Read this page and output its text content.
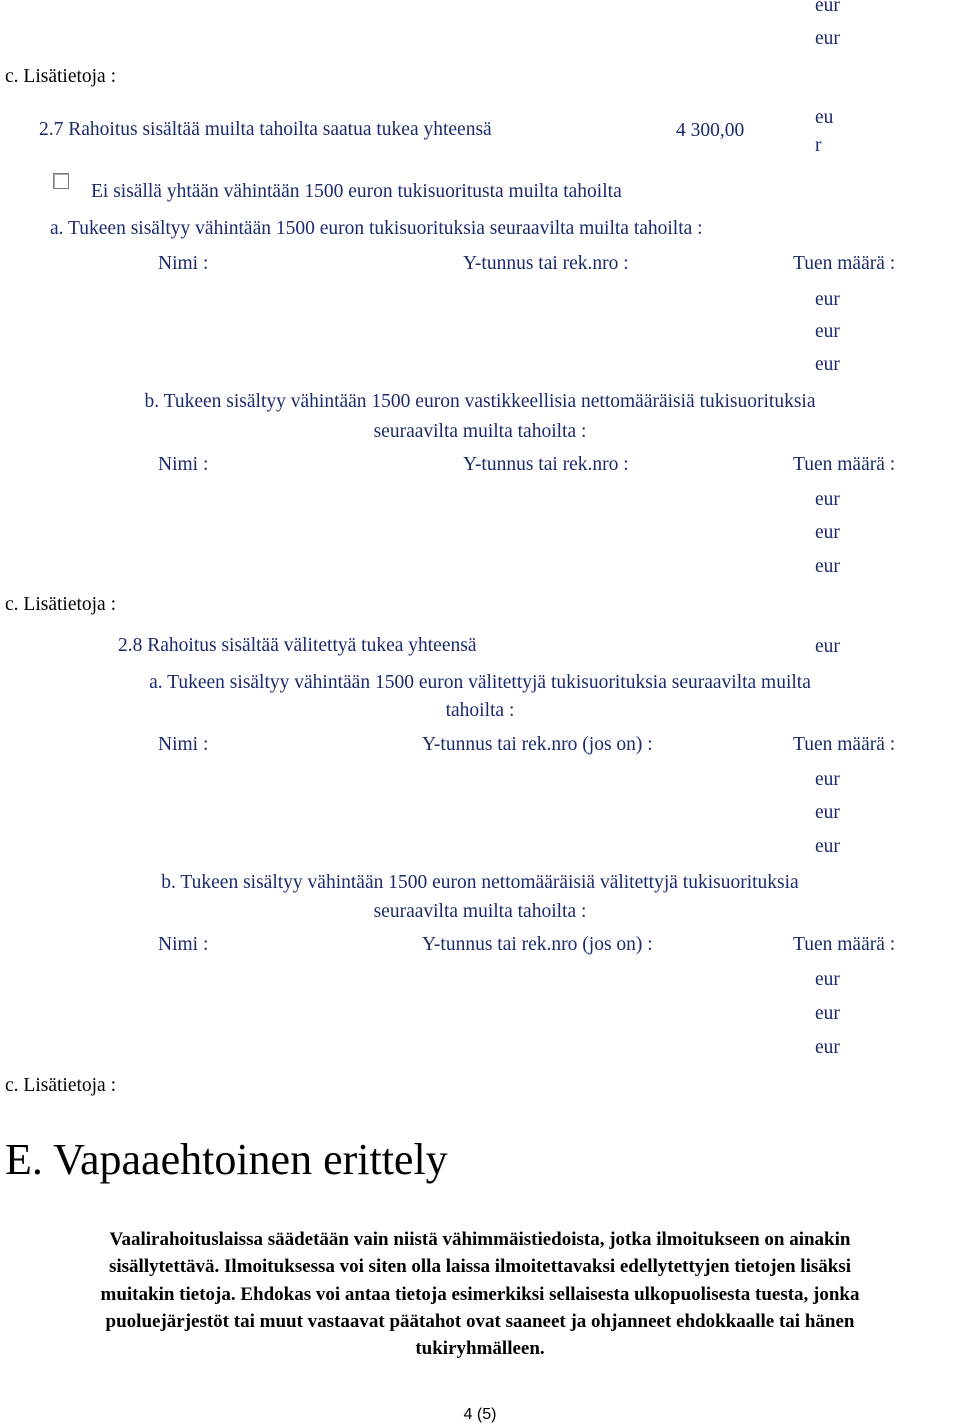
eur
eur
c. Lisätietoja :
2.7 Rahoitus sisältää muilta tahoilta saatua tukea yhteensä	4 300,00
eu
r
Ei sisällä yhtään vähintään 1500 euron tukisuoritusta muilta tahoilta
a. Tukeen sisältyy vähintään 1500 euron tukisuorituksia seuraavilta muilta tahoilta :
Nimi :	Y-tunnus tai rek.nro :	Tuen määrä :
eur
eur
eur
b. Tukeen sisältyy vähintään 1500 euron vastikkeellisia nettomääräisiä tukisuorituksia
seuraavilta muilta tahoilta :
Nimi :	Y-tunnus tai rek.nro :	Tuen määrä :
eur
eur
eur
c. Lisätietoja :
2.8 Rahoitus sisältää välitettyä tukea yhteensä	eur
a. Tukeen sisältyy vähintään 1500 euron välitettyjä tukisuorituksia seuraavilta muilta
tahoilta :
Nimi :	Y-tunnus tai rek.nro (jos on) :	Tuen määrä :
eur
eur
eur
b. Tukeen sisältyy vähintään 1500 euron nettomääräisiä välitettyjä tukisuorituksia
seuraavilta muilta tahoilta :
Nimi :	Y-tunnus tai rek.nro (jos on) :	Tuen määrä :
eur
eur
eur
c. Lisätietoja :
E. Vapaaehtoinen erittely
Vaalirahoituslaissa säädetään vain niistä vähimmäistiedoista, jotka ilmoitukseen on ainakin
sisällytettävä. Ilmoituksessa voi siten olla laissa ilmoitettavaksi edellytettyjen tietojen lisäksi
muitakin tietoja. Ehdokas voi antaa tietoja esimerkiksi sellaisesta ulkopuolisesta tuesta, jonka
puoluejärjestöt tai muut vastaavat päätahot ovat saaneet ja ohjanneet ehdokkaalle tai hänen
tukiryhmälleen.
4 (5)
